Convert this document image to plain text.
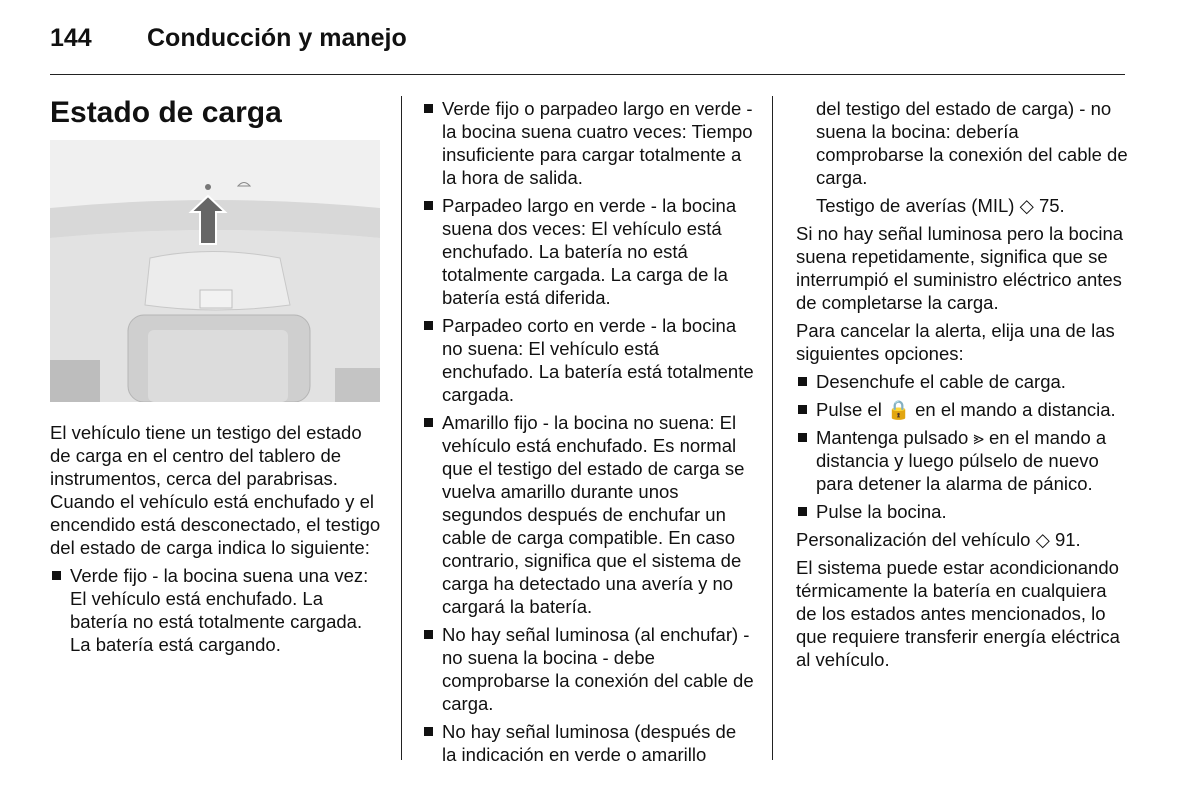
144 Conducción y manejo
Estado de carga

El vehículo tiene un testigo del estado de carga en el centro del tablero de instrumentos, cerca del parabrisas. Cuando el vehículo está enchufado y el encendido está desconectado, el testigo del estado de carga indica lo siguiente:

Verde fijo - la bocina suena una vez: El vehículo está enchufado. La batería no está totalmente cargada. La batería está cargando.
Verde fijo o parpadeo largo en verde - la bocina suena cuatro veces: Tiempo insuficiente para cargar totalmente a la hora de salida.
Parpadeo largo en verde - la bocina suena dos veces: El vehículo está enchufado. La batería no está totalmente cargada. La carga de la batería está diferida.
Parpadeo corto en verde - la bocina no suena: El vehículo está enchufado. La batería está totalmente cargada.
Amarillo fijo - la bocina no suena: El vehículo está enchufado. Es normal que el testigo del estado de carga se vuelva amarillo durante unos segundos después de enchufar un cable de carga compatible. En caso contrario, significa que el sistema de carga ha detectado una avería y no cargará la batería.
No hay señal luminosa (al enchufar) - no suena la bocina - debe comprobarse la conexión del cable de carga.
No hay señal luminosa (después de la indicación en verde o amarillo

del testigo del estado de carga) - no suena la bocina: debería comprobarse la conexión del cable de carga.

Testigo de averías (MIL) ◇ 75.

Si no hay señal luminosa pero la bocina suena repetidamente, significa que se interrumpió el suministro eléctrico antes de completarse la carga.

Para cancelar la alerta, elija una de las siguientes opciones:

Desenchufe el cable de carga.
Pulse el 🔒 en el mando a distancia.
Mantenga pulsado ⪢ en el mando a distancia y luego púlselo de nuevo para detener la alarma de pánico.
Pulse la bocina.

Personalización del vehículo ◇ 91.

El sistema puede estar acondicionando térmicamente la batería en cualquiera de los estados antes mencionados, lo que requiere transferir energía eléctrica al vehículo.
